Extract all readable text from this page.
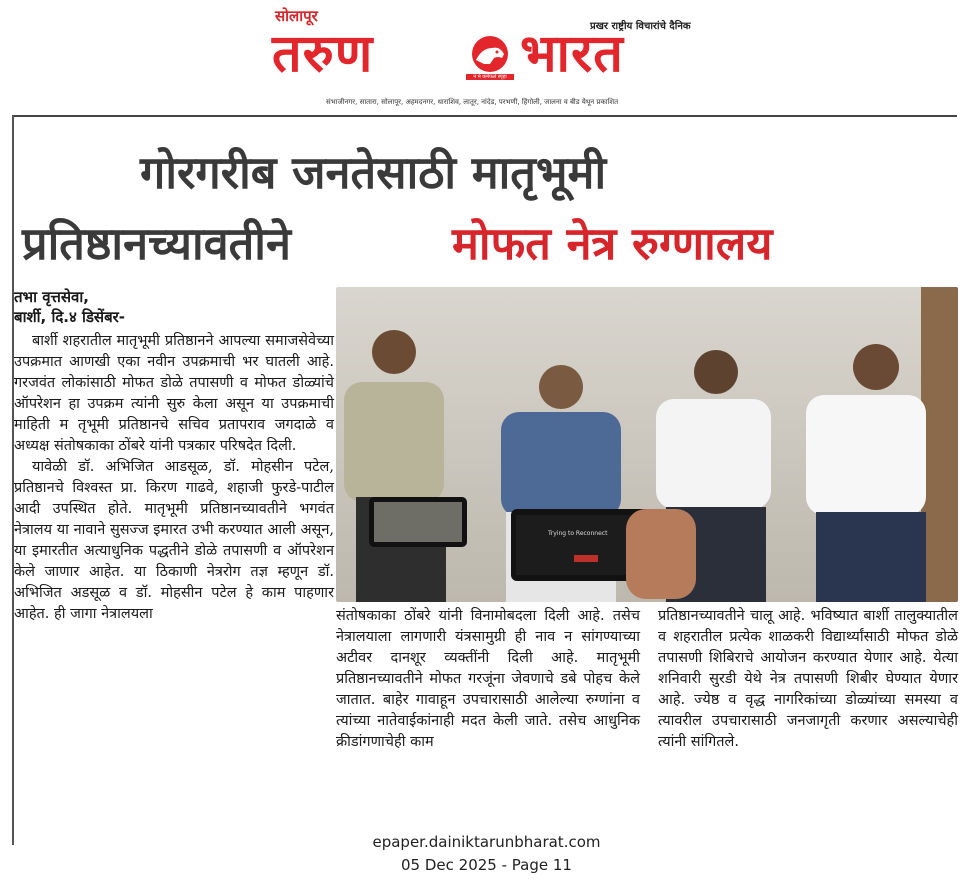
सोलापूर
प्रखर राष्ट्रीय विचारांचे दैनिक
तरुण	न मे कर्मफले स्पृहा भारत
संभाजीनगर, सातारा, सोलापूर, अहमदनगर, धाराशिव, लातूर, नांदेड, परभणी, हिंगोली, जालना व बीड येथून प्रकाशित
गोरगरीब जनतेसाठी मातृभूमी
प्रतिष्ठानच्यावतीने	मोफत नेत्र रुग्णालय
तभा वृत्तसेवा,
बार्शी, दि.४ डिसेंबर-

बार्शी शहरातील मातृभूमी प्रतिष्ठानने आपल्या समाजसेवेच्या उपक्रमात आणखी एका नवीन उपक्रमाची भर घातली आहे. गरजवंत लोकांसाठी मोफत डोळे तपासणी व मोफत डोळ्यांचे ऑपरेशन हा उपक्रम त्यांनी सुरु केला असून या उपक्रमाची माहिती म तृभूमी प्रतिष्ठानचे सचिव प्रतापराव जगदाळे व अध्यक्ष संतोषकाका ठोंबरे यांनी पत्रकार परिषदेत दिली.

यावेळी डॉ. अभिजित आडसूळ, डॉ. मोहसीन पटेल, प्रतिष्ठानचे विश्वस्त प्रा. किरण गाढवे, शहाजी फुरडे-पाटील आदी उपस्थित होते. मातृभूमी प्रतिष्ठानच्यावतीने भगवंत नेत्रालय या नावाने सुसज्ज इमारत उभी करण्यात आली असून, या इमारतीत अत्याधुनिक पद्धतीने डोळे तपासणी व ऑपरेशन केले जाणार आहेत. या ठिकाणी नेत्ररोग तज्ञ म्हणून डॉ. अभिजित अडसूळ व डॉ. मोहसीन पटेल हे काम पाहणार आहेत. ही जागा नेत्रालयला

Trying to Reconnect
संतोषकाका ठोंबरे यांनी विनामोबदला दिली आहे. तसेच नेत्रालयाला लागणारी यंत्रसामुग्री ही नाव न सांगण्याच्या अटीवर दानशूर व्यक्तींनी दिली आहे. मातृभूमी प्रतिष्ठानच्यावतीने मोफत गरजूंना जेवणाचे डबे पोहच केले जातात. बाहेर गावाहून उपचारासाठी आलेल्या रुग्णांना व त्यांच्या नातेवाईकांनाही मदत केली जाते. तसेच आधुनिक क्रीडांगणाचेही काम
प्रतिष्ठानच्यावतीने चालू आहे. भविष्यात बार्शी तालुक्यातील व शहरातील प्रत्येक शाळकरी विद्यार्थ्यांसाठी मोफत डोळे तपासणी शिबिराचे आयोजन करण्यात येणार आहे. येत्या शनिवारी सुरडी येथे नेत्र तपासणी शिबीर घेण्यात येणार आहे. ज्येष्ठ व वृद्ध नागरिकांच्या डोळ्यांच्या समस्या व त्यावरील उपचारासाठी जनजागृती करणार असल्याचेही त्यांनी सांगितले.
epaper.dainiktarunbharat.com
05 Dec 2025 - Page 11
